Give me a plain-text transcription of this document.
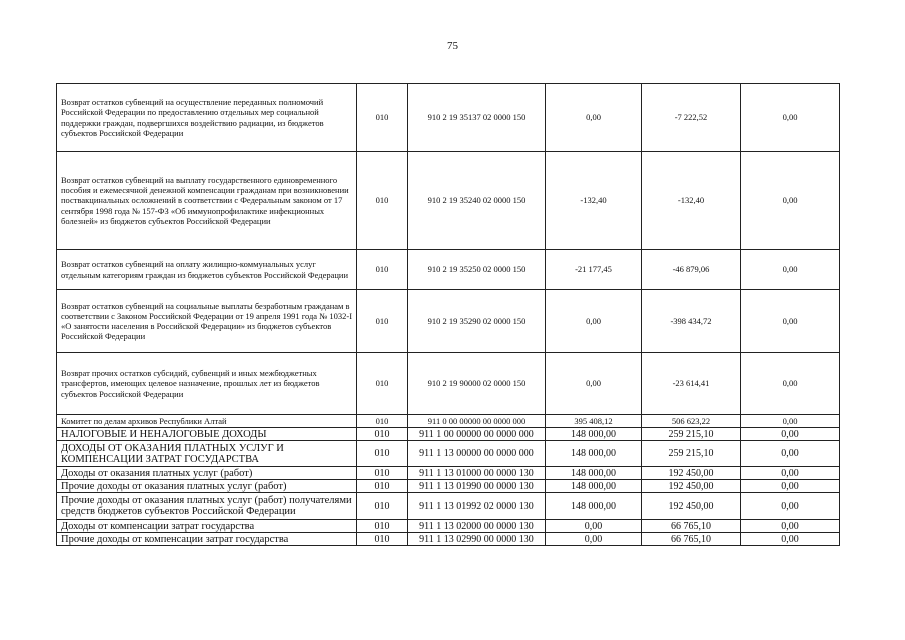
75
Возврат остатков субвенций на осуществление переданных полномочий Российской Федерации по предоставлению отдельных мер социальной поддержки граждан, подвергшихся воздействию радиации, из бюджетов субъектов Российской Федерации	010	910 2 19 35137 02 0000 150	0,00	-7 222,52	0,00
Возврат остатков субвенций на выплату государственного единовременного пособия и ежемесячной денежной компенсации гражданам при возникновении поствакцинальных осложнений в соответствии с Федеральным законом от 17 сентября 1998 года № 157-ФЗ «Об иммунопрофилактике инфекционных болезней» из бюджетов субъектов Российской Федерации	010	910 2 19 35240 02 0000 150	-132,40	-132,40	0,00
Возврат остатков субвенций на оплату жилищно-коммунальных услуг отдельным категориям граждан из бюджетов субъектов Российской Федерации	010	910 2 19 35250 02 0000 150	-21 177,45	-46 879,06	0,00
Возврат остатков субвенций на социальные выплаты безработным гражданам в соответствии с Законом Российской Федерации от 19 апреля 1991 года № 1032-I «О занятости населения в Российской Федерации» из бюджетов субъектов Российской Федерации	010	910 2 19 35290 02 0000 150	0,00	-398 434,72	0,00
Возврат прочих остатков субсидий, субвенций и иных межбюджетных трансфертов, имеющих целевое назначение, прошлых лет из бюджетов субъектов Российской Федерации	010	910 2 19 90000 02 0000 150	0,00	-23 614,41	0,00
Комитет по делам архивов Республики Алтай	010	911 0 00 00000 00 0000 000	395 408,12	506 623,22	0,00
НАЛОГОВЫЕ И НЕНАЛОГОВЫЕ ДОХОДЫ	010	911 1 00 00000 00 0000 000	148 000,00	259 215,10	0,00
ДОХОДЫ ОТ ОКАЗАНИЯ ПЛАТНЫХ УСЛУГ И КОМПЕНСАЦИИ ЗАТРАТ ГОСУДАРСТВА	010	911 1 13 00000 00 0000 000	148 000,00	259 215,10	0,00
Доходы от оказания платных услуг (работ)	010	911 1 13 01000 00 0000 130	148 000,00	192 450,00	0,00
Прочие доходы от оказания платных услуг (работ)	010	911 1 13 01990 00 0000 130	148 000,00	192 450,00	0,00
Прочие доходы от оказания платных услуг (работ) получателями средств бюджетов субъектов Российской Федерации	010	911 1 13 01992 02 0000 130	148 000,00	192 450,00	0,00
Доходы от компенсации затрат государства	010	911 1 13 02000 00 0000 130	0,00	66 765,10	0,00
Прочие доходы от компенсации затрат государства	010	911 1 13 02990 00 0000 130	0,00	66 765,10	0,00
